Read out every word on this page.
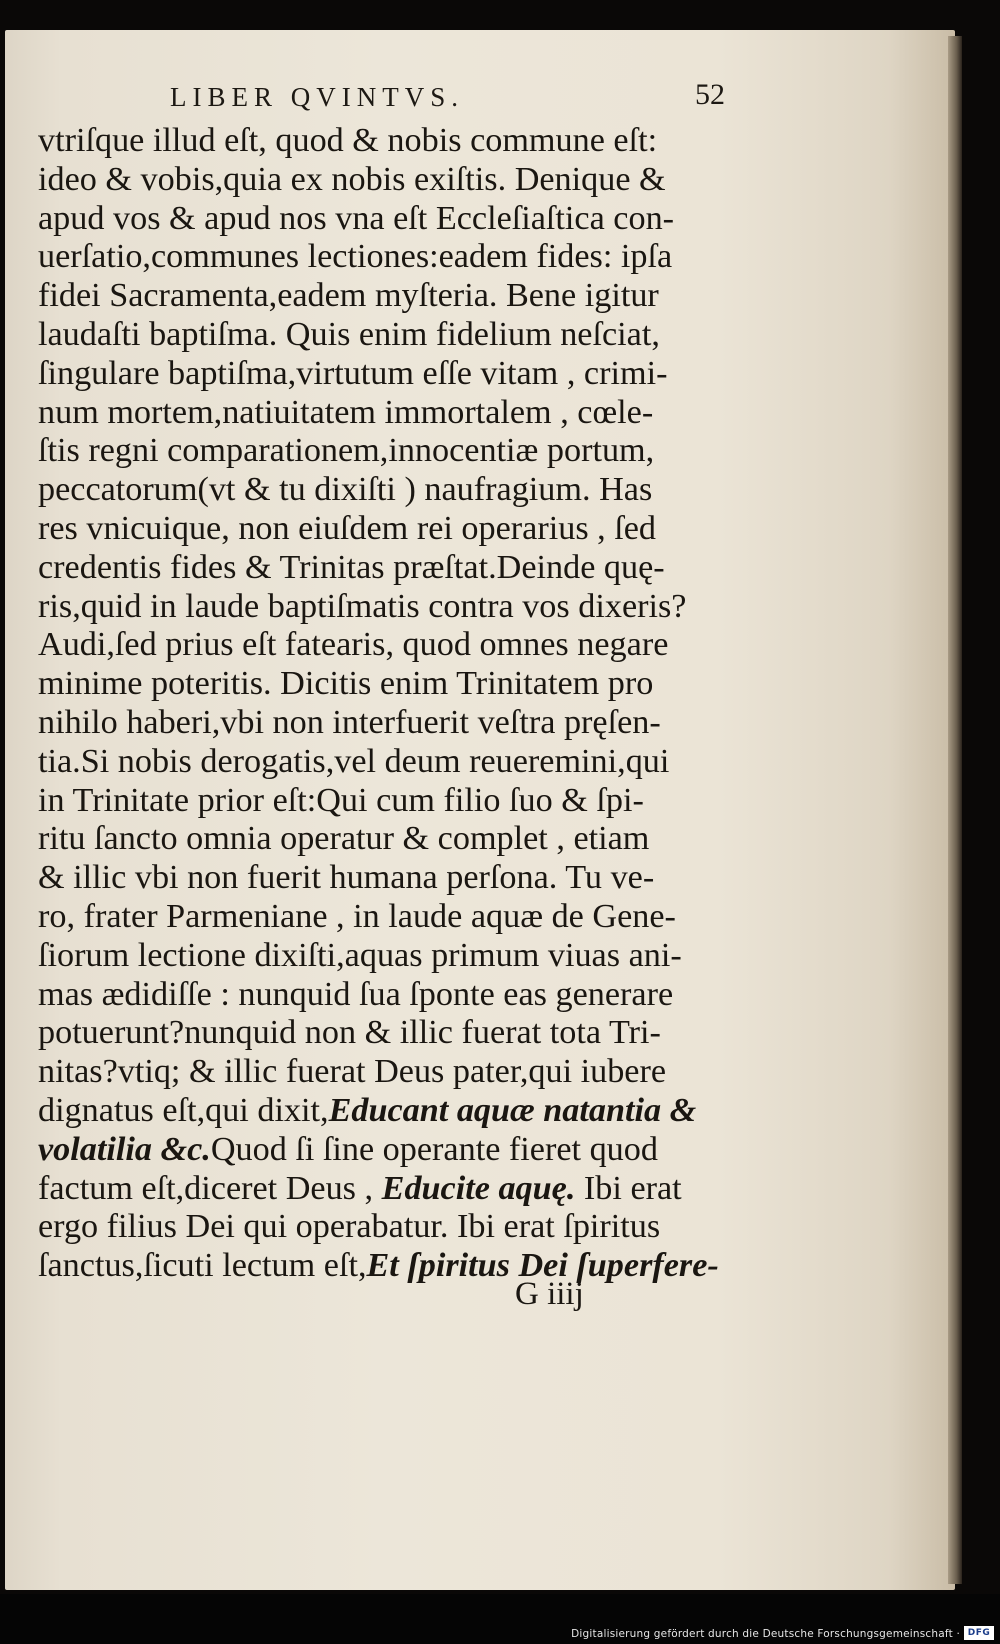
LIBER QVINTVS.	52
vtriſque illud eſt, quod & nobis commune eſt:
ideo & vobis,quia ex nobis exiſtis. Denique &
apud vos & apud nos vna eſt Eccleſiaſtica con-
uerſatio,communes lectiones:eadem fides: ipſa
fidei Sacramenta,eadem myſteria. Bene igitur
laudaſti baptiſma. Quis enim fidelium neſciat,
ſingulare baptiſma,virtutum eſſe vitam , crimi-
num mortem,natiuitatem immortalem , cœle-
ſtis regni comparationem,innocentiæ portum,
peccatorum(vt & tu dixiſti ) naufragium. Has
res vnicuique, non eiuſdem rei operarius , ſed
credentis fides & Trinitas præſtat.Deinde quę-
ris,quid in laude baptiſmatis contra vos dixeris?
Audi,ſed prius eſt fatearis, quod omnes negare
minime poteritis. Dicitis enim Trinitatem pro
nihilo haberi,vbi non interfuerit veſtra pręſen-
tia.Si nobis derogatis,vel deum reueremini,qui
in Trinitate prior eſt:Qui cum filio ſuo & ſpi-
ritu ſancto omnia operatur & complet , etiam
& illic vbi non fuerit humana perſona. Tu ve-
ro, frater Parmeniane , in laude aquæ de Gene-
ſiorum lectione dixiſti,aquas primum viuas ani-
mas ædidiſſe : nunquid ſua ſponte eas generare
potuerunt?nunquid non & illic fuerat tota Tri-
nitas?vtiq; & illic fuerat Deus pater,qui iubere
dignatus eſt,qui dixit,Educant aquæ natantia &
volatilia &c.Quod ſi ſine operante fieret quod
factum eſt,diceret Deus , Educite aquę. Ibi erat
ergo filius Dei qui operabatur. Ibi erat ſpiritus
ſanctus,ſicuti lectum eſt,Et ſpiritus Dei ſuperfere-
G iiij
Digitalisierung gefördert durch die Deutsche Forschungsgemeinschaft · DFG
